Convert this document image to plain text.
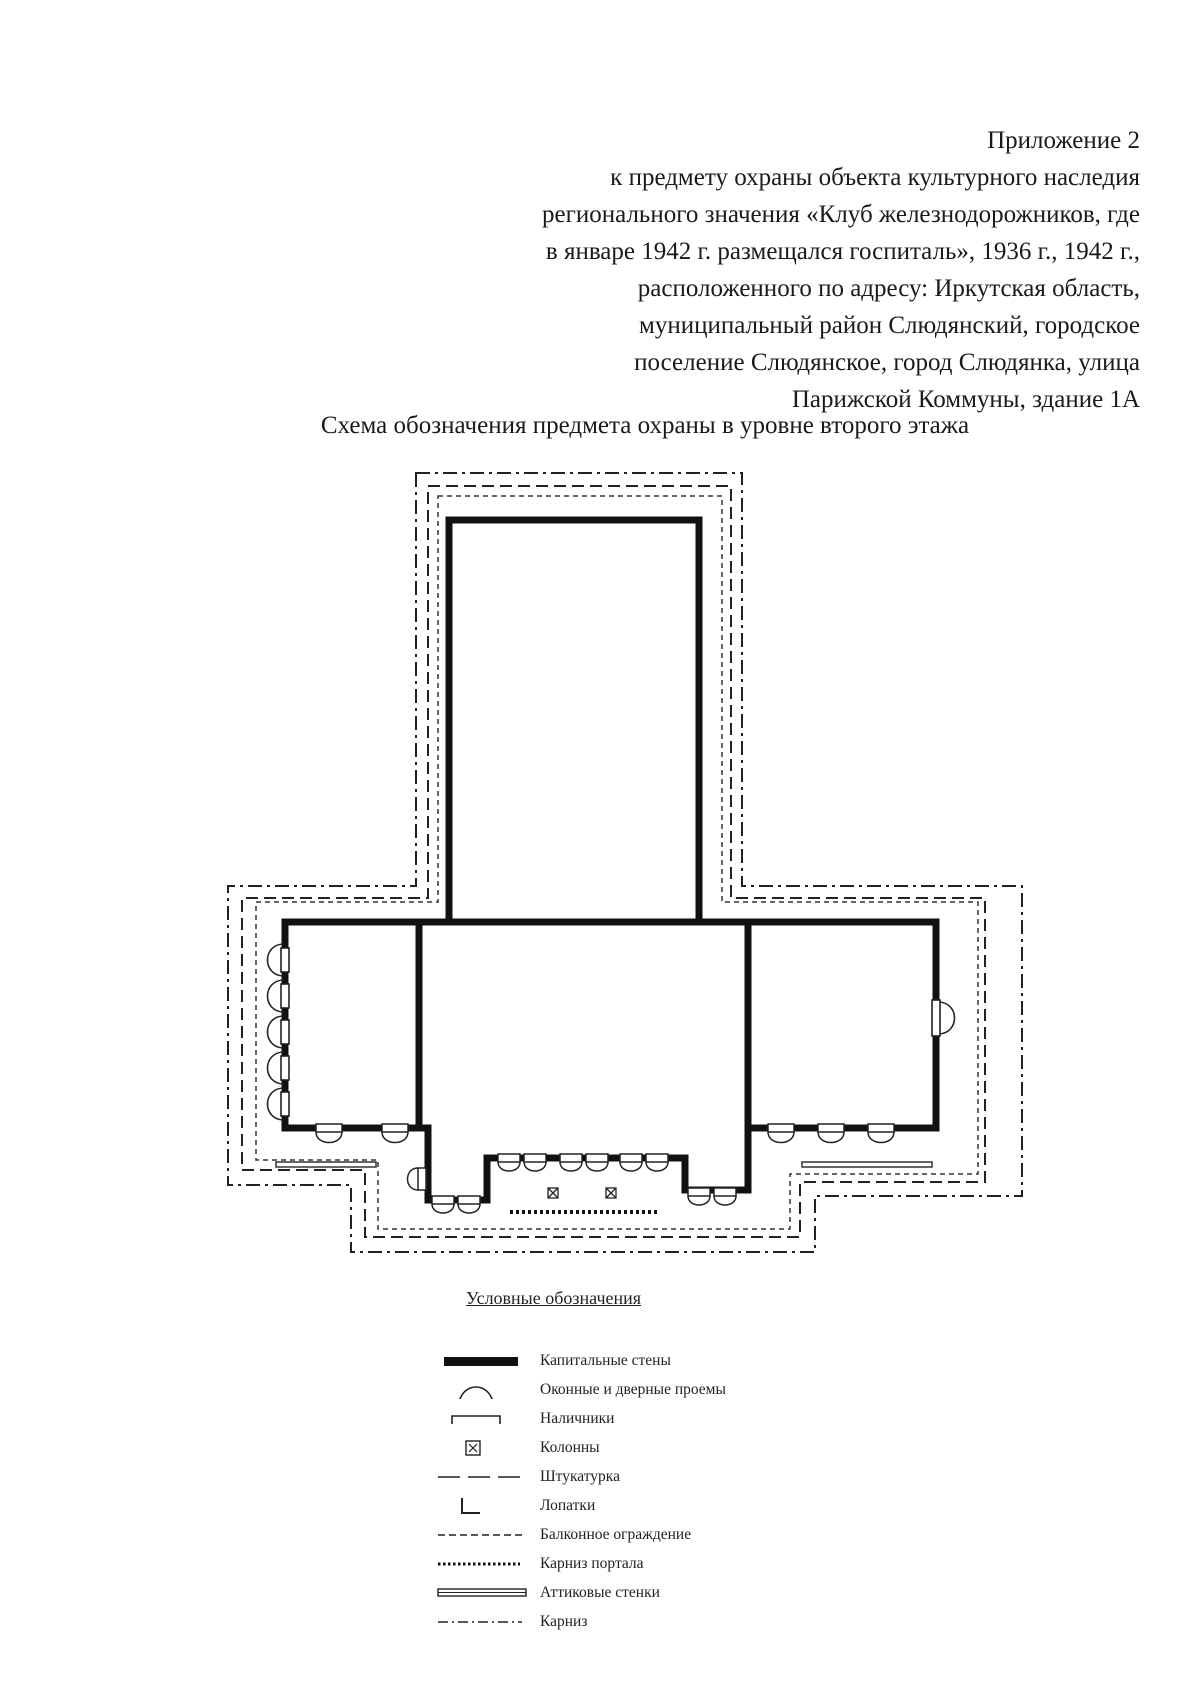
Приложение 2
к предмету охраны объекта культурного наследия
регионального значения «Клуб железнодорожников, где
в январе 1942 г. размещался госпиталь», 1936 г., 1942 г.,
расположенного по адресу: Иркутская область,
муниципальный район Слюдянский, городское
поселение Слюдянское, город Слюдянка, улица
Парижской Коммуны, здание 1А
Схема обозначения предмета охраны в уровне второго этажа
Условные обозначения
Капитальные стены
Оконные и дверные проемы
Наличники
Колонны
Штукатурка
Лопатки
Балконное ограждение
Карниз портала
Аттиковые стенки
Карниз
